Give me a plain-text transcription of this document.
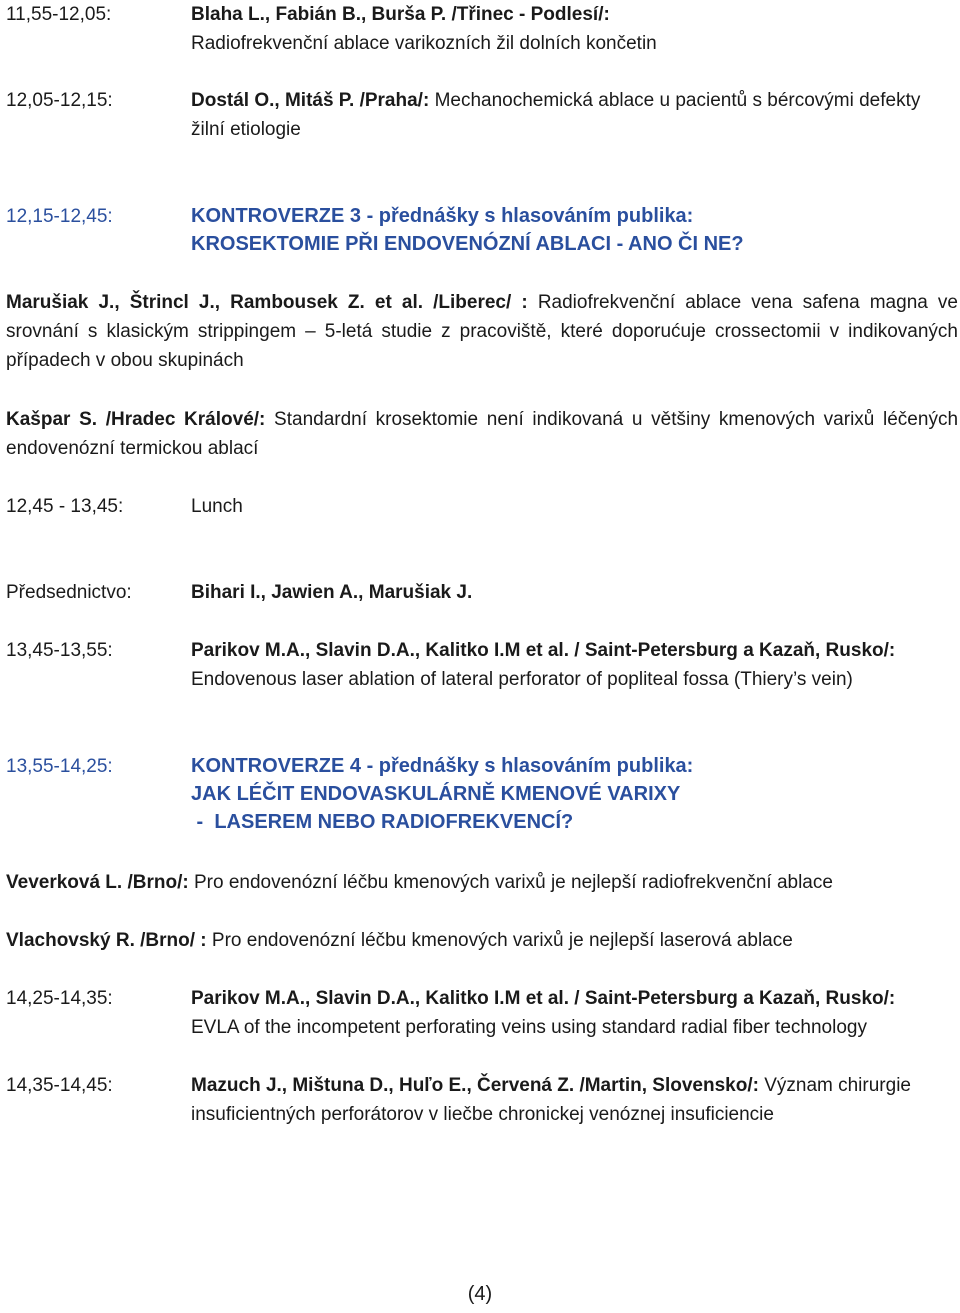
11,55-12,05:	Blaha L., Fabián B., Burša P. /Třinec - Podlesí/:
Radiofrekvenční ablace varikozních žil dolních končetin
12,05-12,15:	Dostál O., Mitáš P. /Praha/: Mechanochemická ablace u pacientů s bércovými defekty žilní etiologie
12,15-12,45:	KONTROVERZE 3 - přednášky s hlasováním publika:
KROSEKTOMIE PŘI ENDOVENÓZNÍ ABLACI - ANO ČI NE?
Marušiak J., Štrincl J., Rambousek Z. et al. /Liberec/ : Radiofrekvenční ablace vena safena magna ve srovnání s klasickým strippingem – 5-letá studie z pracoviště, které doporućuje crossectomii v indikovaných případech v obou skupinách
Kašpar S. /Hradec Králové/: Standardní krosektomie není indikovaná u většiny kmenových varixů léčených endovenózní termickou ablací
12,45 - 13,45:	Lunch
Předsednictvo:	Bihari I., Jawien A., Marušiak J.
13,45-13,55:	Parikov M.A., Slavin D.A., Kalitko I.M et al. / Saint-Petersburg a Kazaň, Rusko/:
Endovenous laser ablation of lateral perforator of popliteal fossa (Thiery’s vein)
13,55-14,25:	KONTROVERZE 4 - přednášky s hlasováním publika:
JAK LÉČIT ENDOVASKULÁRNĚ KMENOVÉ VARIXY
-  LASEREM NEBO RADIOFREKVENCÍ?
Veverková L. /Brno/: Pro endovenózní léčbu kmenových varixů je nejlepší radiofrekvenční ablace
Vlachovský R. /Brno/ : Pro endovenózní léčbu kmenových varixů je nejlepší laserová ablace
14,25-14,35:	Parikov M.A., Slavin D.A., Kalitko I.M et al. / Saint-Petersburg a Kazaň, Rusko/:
EVLA of the incompetent perforating veins using standard radial fiber technology
14,35-14,45:	Mazuch J., Mištuna D., Huľo E., Červená Z. /Martin, Slovensko/: Význam chirurgie insuficientných perforátorov v liečbe chronickej venóznej insuficiencie
(4)
